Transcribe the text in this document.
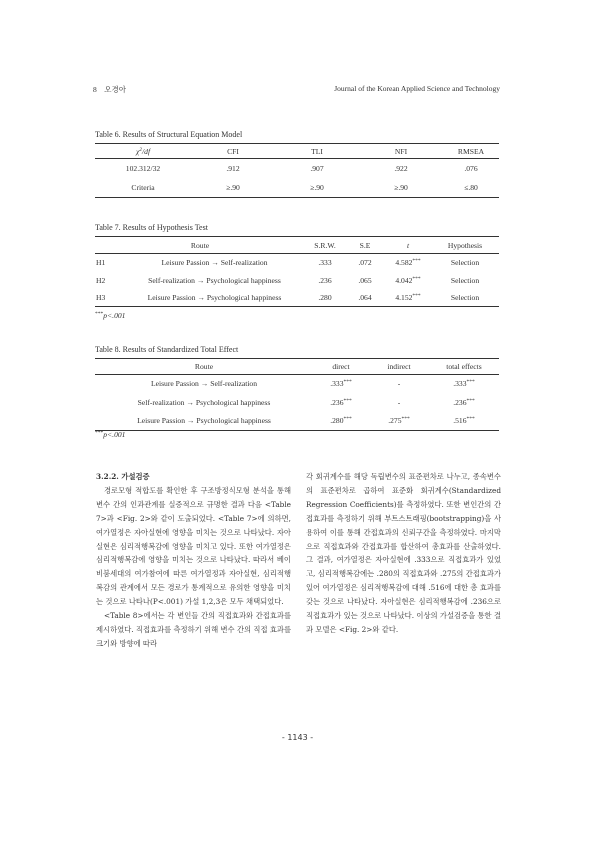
8 오경아	Journal of the Korean Applied Science and Technology
Table 6. Results of Structural Equation Model
$\chi^2/df$	CFI	TLI	NFI	RMSEA
102.312/32	.912	.907	.922	.076
Criteria	≥.90	≥.90	≥.90	≤.80
Table 7. Results of Hypothesis Test
Route		S.R.W.	S.E	t	Hypothesis
H1	Leisure Passion → Self-realization	.333	.072	4.582***	Selection
H2	Self-realization → Psychological happiness	.236	.065	4.042***	Selection
H3	Leisure Passion → Psychological happiness	.280	.064	4.152***	Selection
***p<.001
Table 8. Results of Standardized Total Effect
Route	direct	indirect	total effects
Leisure Passion → Self-realization	.333***	-	.333***
Self-realization → Psychological happiness	.236***	-	.236***
Leisure Passion → Psychological happiness	.280***	.275***	.516***
***p<.001

3.2.2. 가설검증

경로모형 적합도를 확인한 후 구조방정식모형 분석을 통해 변수 간의 인과관계를 실증적으로 규명한 결과 다음 <Table 7>과 <Fig. 2>와 같이 도출되었다. <Table 7>에 의하면, 여가열정은 자아실현에 영향을 미치는 것으로 나타났다. 자아실현은 심리적행복감에 영향을 미치고 있다. 또한 여가열정은 심리적행복감에 영향을 미치는 것으로 나타났다. 따라서 베이비붐세대의 여가참여에 따른 여가열정과 자아실현, 심리적행복감의 관계에서 모든 경로가 통계적으로 유의한 영향을 미치는 것으로 나타나(P<.001) 가설 1,2,3은 모두 채택되었다.

<Table 8>에서는 각 변인들 간의 직접효과와 간접효과를 제시하였다. 직접효과를 측정하기 위해 변수 간의 직접 효과를 크기와 방향에 따라

각 회귀계수를 해당 독립변수의 표준편차로 나누고, 종속변수의 표준편차로 곱하여 표준화 회귀계수(Standardized Regression Coefficients)를 측정하였다. 또한 변인간의 간접효과를 측정하기 위해 부트스트래핑(bootstrapping)을 사용하여 이를 통해 간접효과의 신뢰구간을 측정하였다. 마지막으로 직접효과와 간접효과를 합산하여 총효과를 산출하였다. 그 결과, 여가열정은 자아실현에 .333으로 직접효과가 있었고, 심리적행복감에는 .280의 직접효과와 .275의 간접효과가 있어 여가열정은 심리적행복감에 대해 .516에 대한 총 효과를 갖는 것으로 나타났다. 자아실현은 심리적행복감에 .236으로 직접효과가 있는 것으로 나타났다. 이상의 가설검증을 통한 결과 모델은 <Fig. 2>와 같다.

- 1143 -
